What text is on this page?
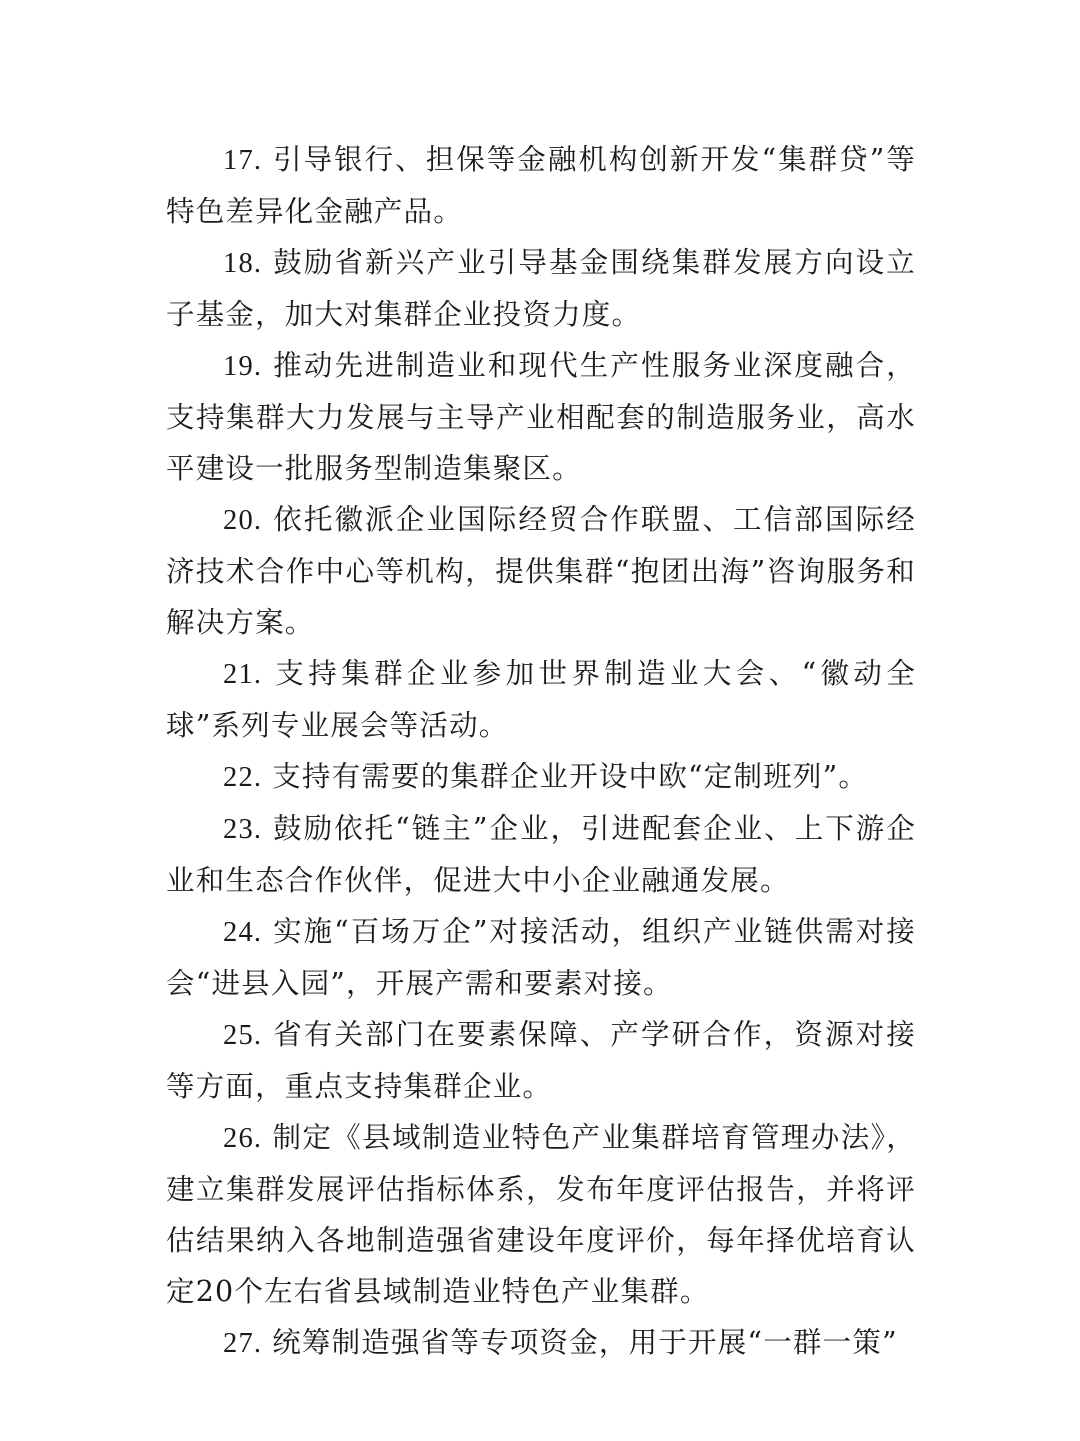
17. 引导银行、担保等金融机构创新开发“集群贷”等特色差异化金融产品。

18. 鼓励省新兴产业引导基金围绕集群发展方向设立子基金，加大对集群企业投资力度。

19. 推动先进制造业和现代生产性服务业深度融合，支持集群大力发展与主导产业相配套的制造服务业，高水平建设一批服务型制造集聚区。

20. 依托徽派企业国际经贸合作联盟、工信部国际经济技术合作中心等机构，提供集群“抱团出海”咨询服务和解决方案。

21. 支持集群企业参加世界制造业大会、“徽动全球”系列专业展会等活动。

22. 支持有需要的集群企业开设中欧“定制班列”。

23. 鼓励依托“链主”企业，引进配套企业、上下游企业和生态合作伙伴，促进大中小企业融通发展。

24. 实施“百场万企”对接活动，组织产业链供需对接会“进县入园”，开展产需和要素对接。

25. 省有关部门在要素保障、产学研合作，资源对接等方面，重点支持集群企业。

26. 制定《县域制造业特色产业集群培育管理办法》，建立集群发展评估指标体系，发布年度评估报告，并将评估结果纳入各地制造强省建设年度评价，每年择优培育认定20个左右省县域制造业特色产业集群。

27. 统筹制造强省等专项资金，用于开展“一群一策”
